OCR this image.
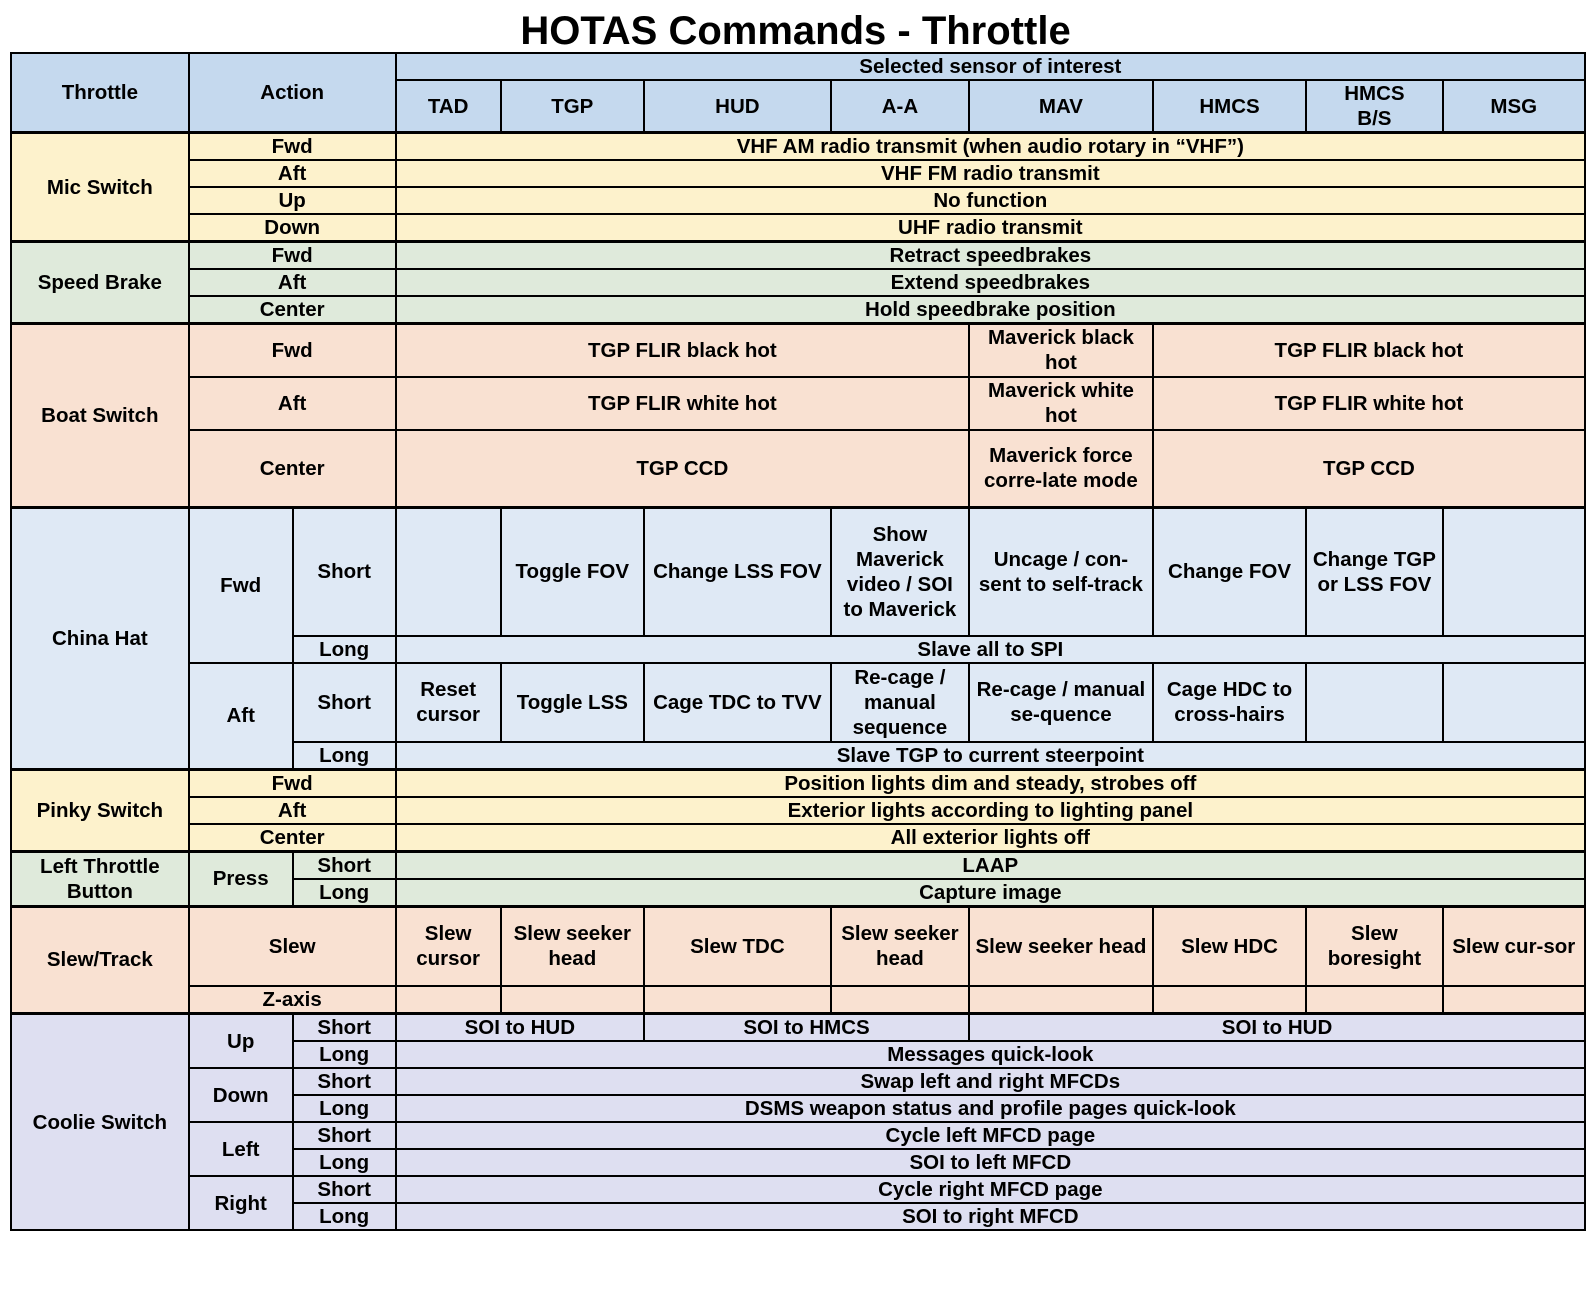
HOTAS Commands - Throttle
Throttle	Action		Selected sensor of interest							
			TAD	TGP	HUD	A-A	MAV	HMCS	HMCS B/S	MSG
Mic Switch	Fwd		VHF AM radio transmit (when audio rotary in “VHF”)							
	Aft		VHF FM radio transmit							
	Up		No function							
	Down		UHF radio transmit							
Speed Brake	Fwd		Retract speedbrakes							
	Aft		Extend speedbrakes							
	Center		Hold speedbrake position							
Boat Switch	Fwd		TGP FLIR black hot				Maverick black hot	TGP FLIR black hot		
	Aft		TGP FLIR white hot				Maverick white hot	TGP FLIR white hot		
	Center		TGP CCD				Maverick force corre-late mode	TGP CCD		
China Hat	Fwd	Short		Toggle FOV	Change LSS FOV	Show Maverick video / SOI to Maverick	Uncage / con-sent to self-track	Change FOV	Change TGP or LSS FOV	
		Long	Slave all to SPI							
	Aft	Short	Reset cursor	Toggle LSS	Cage TDC to TVV	Re-cage / manual sequence	Re-cage / manual se-quence	Cage HDC to cross-hairs		
		Long	Slave TGP to current steerpoint							
Pinky Switch	Fwd		Position lights dim and steady, strobes off							
	Aft		Exterior lights according to lighting panel							
	Center		All exterior lights off							
Left Throttle Button	Press	Short	LAAP							
		Long	Capture image							
Slew/Track	Slew		Slew cursor	Slew seeker head	Slew TDC	Slew seeker head	Slew seeker head	Slew HDC	Slew boresight	Slew cur-sor
	Z-axis									
Coolie Switch	Up	Short	SOI to HUD		SOI to HMCS		SOI to HUD			
		Long	Messages quick-look							
	Down	Short	Swap left and right MFCDs							
		Long	DSMS weapon status and profile pages quick-look							
	Left	Short	Cycle left MFCD page							
		Long	SOI to left MFCD							
	Right	Short	Cycle right MFCD page							
		Long	SOI to right MFCD							
